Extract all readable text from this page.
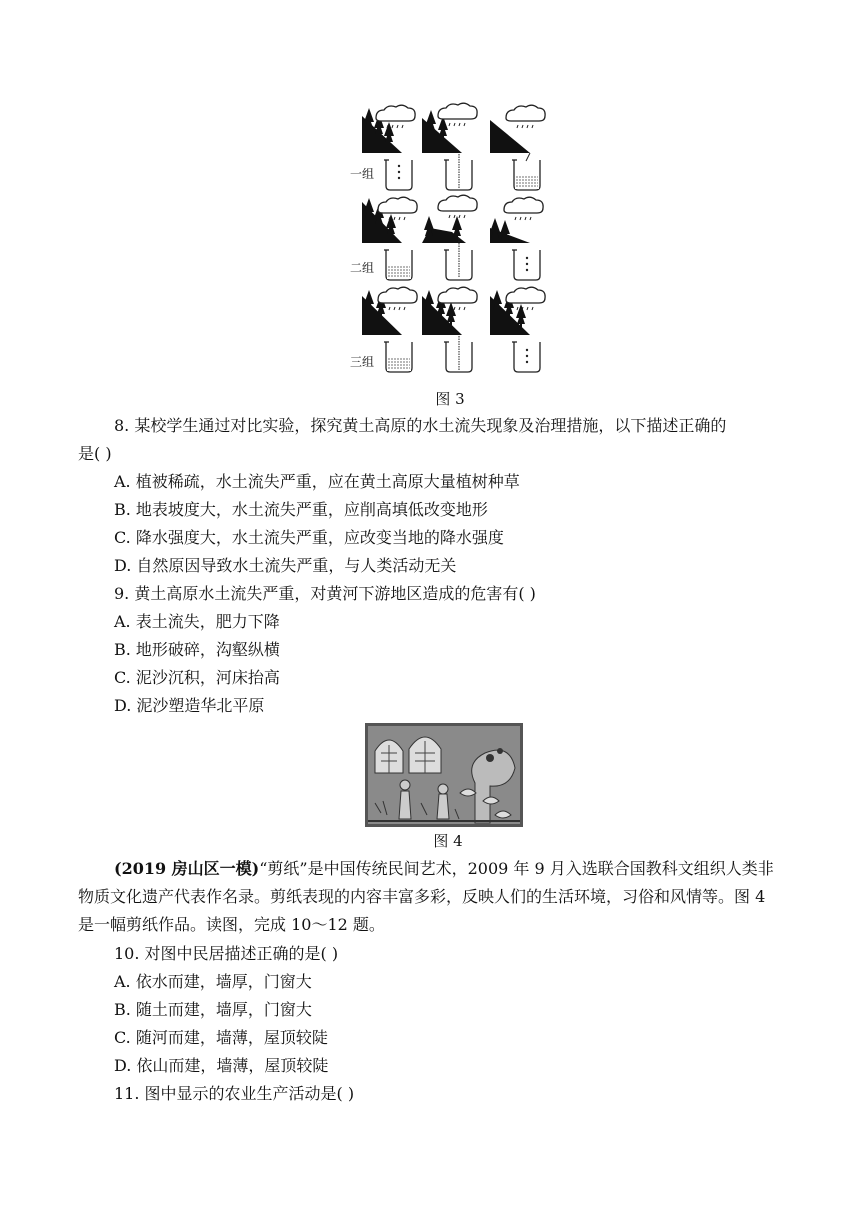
一组
二组
三组
图 3
8. 某校学生通过对比实验，探究黄土高原的水土流失现象及治理措施，以下描述正确的
是( )
A. 植被稀疏，水土流失严重，应在黄土高原大量植树种草
B. 地表坡度大，水土流失严重，应削高填低改变地形
C. 降水强度大，水土流失严重，应改变当地的降水强度
D. 自然原因导致水土流失严重，与人类活动无关
9. 黄土高原水土流失严重，对黄河下游地区造成的危害有( )
A. 表土流失，肥力下降
B. 地形破碎，沟壑纵横
C. 泥沙沉积，河床抬高
D. 泥沙塑造华北平原
图 4
(2019 房山区一模)“剪纸”是中国传统民间艺术，2009 年 9 月入选联合国教科文组织人类非物质文化遗产代表作名录。剪纸表现的内容丰富多彩，反映人们的生活环境，习俗和风情等。图 4 是一幅剪纸作品。读图，完成 10～12 题。
10. 对图中民居描述正确的是( )
A. 依水而建，墙厚，门窗大
B. 随土而建，墙厚，门窗大
C. 随河而建，墙薄，屋顶较陡
D. 依山而建，墙薄，屋顶较陡
11. 图中显示的农业生产活动是( )
